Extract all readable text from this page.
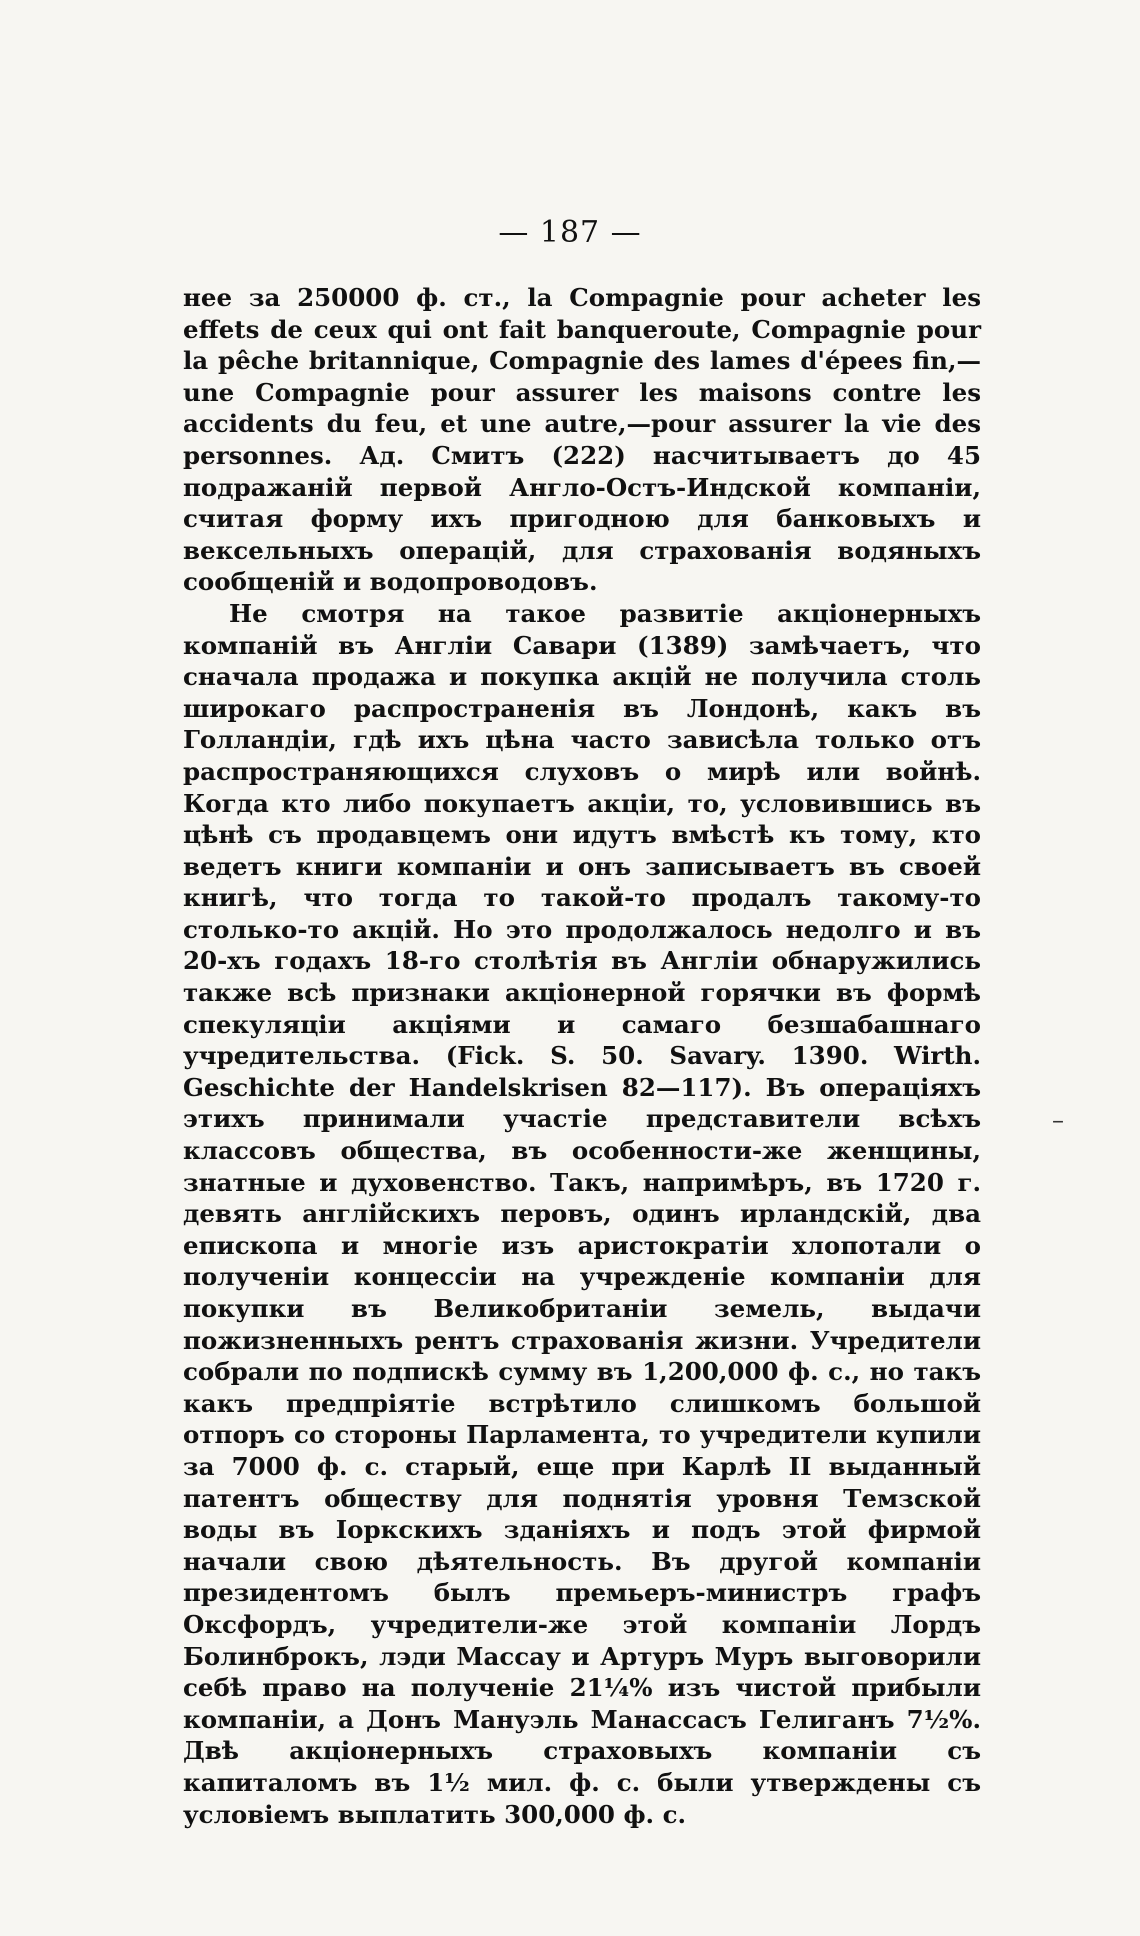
— 187 —

нее за 250000 ф. ст., la Compagnie pour acheter les effets de ceux qui ont fait banqueroute, Compagnie pour la pêche britannique, Compagnie des lames d'épees fin,—une Compagnie pour assurer les maisons contre les accidents du feu, et une autre,—pour assurer la vie des personnes. Ад. Смитъ (222) насчитываетъ до 45 подражаній первой Англо-Остъ-Индской компаніи, считая форму ихъ пригодною для банковыхъ и вексельныхъ операцій, для страхованія водяныхъ сообщеній и водопроводовъ.

Не смотря на такое развитіе акціонерныхъ компаній въ Англіи Савари (1389) замѣчаетъ, что сначала продажа и покупка акцій не получила столь широкаго распространенія въ Лондонѣ, какъ въ Голландіи, гдѣ ихъ цѣна часто зависѣла только отъ распространяющихся слуховъ о мирѣ или войнѣ. Когда кто либо покупаетъ акціи, то, условившись въ цѣнѣ съ продавцемъ они идутъ вмѣстѣ къ тому, кто ведетъ книги компаніи и онъ записываетъ въ своей книгѣ, что тогда то такой-то продалъ такому-то столько-то акцій. Но это продолжалось недолго и въ 20-хъ годахъ 18-го столѣтія въ Англіи обнаружились также всѣ признаки акціонерной горячки въ формѣ спекуляціи акціями и самаго безшабашнаго учредительства. (Fick. S. 50. Savary. 1390. Wirth. Geschichte der Handelskrisen 82—117). Въ операціяхъ этихъ принимали участіе представители всѣхъ классовъ общества, въ особенности-же женщины, знатные и духовенство. Такъ, напримѣръ, въ 1720 г. девять англійскихъ перовъ, одинъ ирландскій, два епископа и многіе изъ аристократіи хлопотали о полученіи концессіи на учрежденіе компаніи для покупки въ Великобританіи земель, выдачи пожизненныхъ рентъ страхованія жизни. Учредители собрали по подпискѣ сумму въ 1,200,000 ф. с., но такъ какъ предпріятіе встрѣтило слишкомъ большой отпоръ со стороны Парламента, то учредители купили за 7000 ф. с. старый, еще при Карлѣ II выданный патентъ обществу для поднятія уровня Темзской воды въ Іоркскихъ зданіяхъ и подъ этой фирмой начали свою дѣятельность. Въ другой компаніи президентомъ былъ премьеръ-министръ графъ Оксфордъ, учредители-же этой компаніи Лордъ Болинброкъ, лэди Массау и Артуръ Муръ выговорили себѣ право на полученіе 21¼% изъ чистой прибыли компаніи, а Донъ Мануэль Манассасъ Гелиганъ 7½%. Двѣ акціонерныхъ страховыхъ компаніи съ капиталомъ въ 1½ мил. ф. с. были утверждены съ условіемъ выплатить 300,000 ф. с.

–
